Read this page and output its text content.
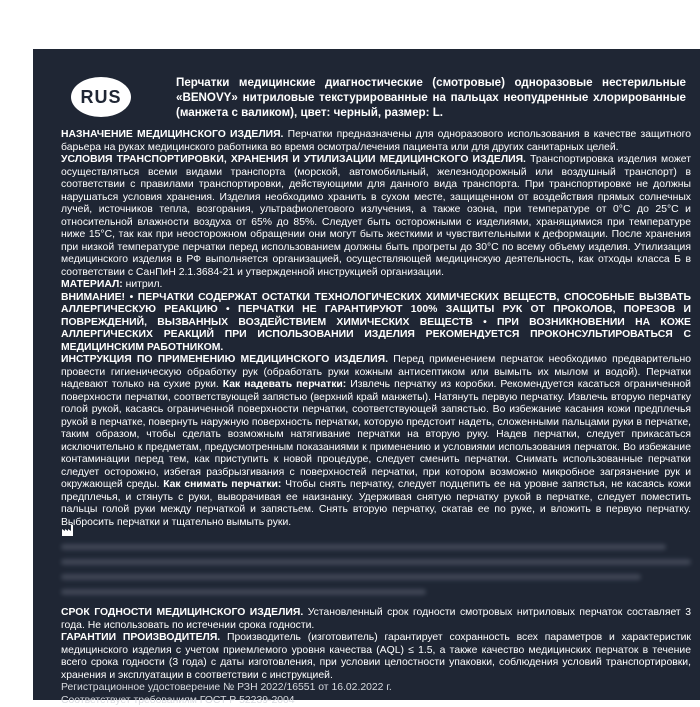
RUS
Перчатки медицинские диагностические (смотровые) одноразовые нестерильные «BENOVY» нитриловые текстурированные на пальцах неопудренные хлорированные (манжета с валиком), цвет: черный, размер: L.

НАЗНАЧЕНИЕ МЕДИЦИНСКОГО ИЗДЕЛИЯ. Перчатки предназначены для одноразового использования в качестве защитного барьера на руках медицинского работника во время осмотра/лечения пациента или для других санитарных целей.

УСЛОВИЯ ТРАНСПОРТИРОВКИ, ХРАНЕНИЯ И УТИЛИЗАЦИИ МЕДИЦИНСКОГО ИЗДЕЛИЯ. Транспортировка изделия может осуществляться всеми видами транспорта (морской, автомобильный, железнодорожный или воздушный транспорт) в соответствии с правилами транспортировки, действующими для данного вида транспорта. При транспортировке не должны нарушаться условия хранения. Изделия необходимо хранить в сухом месте, защищенном от воздействия прямых солнечных лучей, источников тепла, возгорания, ультрафиолетового излучения, а также озона, при температуре от 0°С до 25°С и относительной влажности воздуха от 65% до 85%. Следует быть осторожными с изделиями, хранящимися при температуре ниже 15°С, так как при неосторожном обращении они могут быть жесткими и чувствительными к деформации. После хранения при низкой температуре перчатки перед использованием должны быть прогреты до 30°С по всему объему изделия. Утилизация медицинского изделия в РФ выполняется организацией, осуществляющей медицинскую деятельность, как отходы класса Б в соответствии с СанПиН 2.1.3684-21 и утвержденной инструкцией организации.

МАТЕРИАЛ: нитрил.

ВНИМАНИЕ! • ПЕРЧАТКИ СОДЕРЖАТ ОСТАТКИ ТЕХНОЛОГИЧЕСКИХ ХИМИЧЕСКИХ ВЕЩЕСТВ, СПОСОБНЫЕ ВЫЗВАТЬ АЛЛЕРГИЧЕСКУЮ РЕАКЦИЮ • ПЕРЧАТКИ НЕ ГАРАНТИРУЮТ 100% ЗАЩИТЫ РУК ОТ ПРОКОЛОВ, ПОРЕЗОВ И ПОВРЕЖДЕНИЙ, ВЫЗВАННЫХ ВОЗДЕЙСТВИЕМ ХИМИЧЕСКИХ ВЕЩЕСТВ • ПРИ ВОЗНИКНОВЕНИИ НА КОЖЕ АЛЛЕРГИЧЕСКИХ РЕАКЦИЙ ПРИ ИСПОЛЬЗОВАНИИ ИЗДЕЛИЯ РЕКОМЕНДУЕТСЯ ПРОКОНСУЛЬТИРОВАТЬСЯ С МЕДИЦИНСКИМ РАБОТНИКОМ.

ИНСТРУКЦИЯ ПО ПРИМЕНЕНИЮ МЕДИЦИНСКОГО ИЗДЕЛИЯ. Перед применением перчаток необходимо предварительно провести гигиеническую обработку рук (обработать руки кожным антисептиком или вымыть их мылом и водой). Перчатки надевают только на сухие руки. Как надевать перчатки: Извлечь перчатку из коробки. Рекомендуется касаться ограниченной поверхности перчатки, соответствующей запястью (верхний край манжеты). Натянуть первую перчатку. Извлечь вторую перчатку голой рукой, касаясь ограниченной поверхности перчатки, соответствующей запястью. Во избежание касания кожи предплечья рукой в перчатке, повернуть наружную поверхность перчатки, которую предстоит надеть, сложенными пальцами руки в перчатке, таким образом, чтобы сделать возможным натягивание перчатки на вторую руку. Надев перчатки, следует прикасаться исключительно к предметам, предусмотренным показаниями к применению и условиями использования перчаток. Во избежание контаминации перед тем, как приступить к новой процедуре, следует сменить перчатки. Снимать использованные перчатки следует осторожно, избегая разбрызгивания с поверхностей перчатки, при котором возможно микробное загрязнение рук и окружающей среды. Как снимать перчатки: Чтобы снять перчатку, следует подцепить ее на уровне запястья, не касаясь кожи предплечья, и стянуть с руки, выворачивая ее наизнанку. Удерживая снятую перчатку рукой в перчатке, следует поместить пальцы голой руки между перчаткой и запястьем. Снять вторую перчатку, скатав ее по руке, и вложить в первую перчатку. Выбросить перчатки и тщательно вымыть руки.

СРОК ГОДНОСТИ МЕДИЦИНСКОГО ИЗДЕЛИЯ. Установленный срок годности смотровых нитриловых перчаток составляет 3 года. Не использовать по истечении срока годности.

ГАРАНТИИ ПРОИЗВОДИТЕЛЯ. Производитель (изготовитель) гарантирует сохранность всех параметров и характеристик медицинского изделия с учетом приемлемого уровня качества (AQL) ≤ 1.5, а также качество медицинских перчаток в течение всего срока годности (3 года) с даты изготовления, при условии целостности упаковки, соблюдения условий транспортировки, хранения и эксплуатации в соответствии с инструкцией.

Регистрационное удостоверение № РЗН 2022/16551 от 16.02.2022 г.

Соответствует требованиям ГОСТ Р 52239-2004
